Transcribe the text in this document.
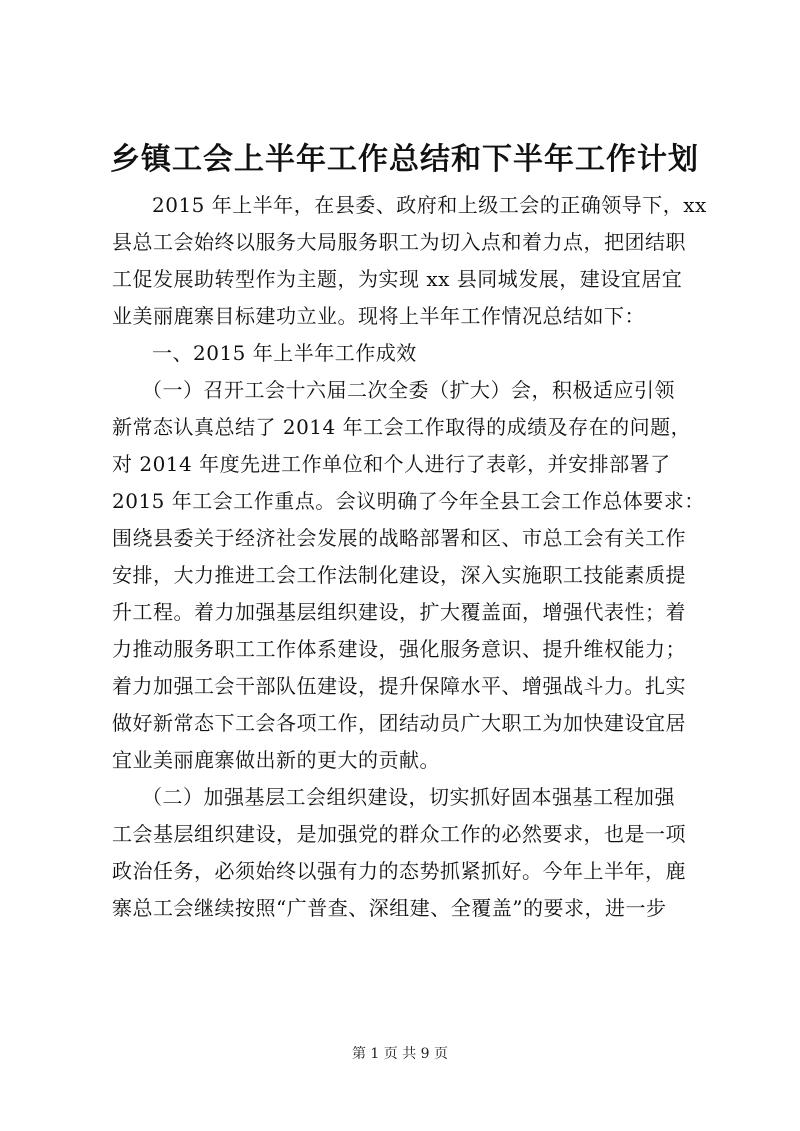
乡镇工会上半年工作总结和下半年工作计划
2015 年上半年，在县委、政府和上级工会的正确领导下，xx
县总工会始终以服务大局服务职工为切入点和着力点，把团结职
工促发展助转型作为主题，为实现 xx 县同城发展，建设宜居宜
业美丽鹿寨目标建功立业。现将上半年工作情况总结如下：
一、2015 年上半年工作成效
（一）召开工会十六届二次全委（扩大）会，积极适应引领
新常态认真总结了 2014 年工会工作取得的成绩及存在的问题，
对 2014 年度先进工作单位和个人进行了表彰，并安排部署了
2015 年工会工作重点。会议明确了今年全县工会工作总体要求：
围绕县委关于经济社会发展的战略部署和区、市总工会有关工作
安排，大力推进工会工作法制化建设，深入实施职工技能素质提
升工程。着力加强基层组织建设，扩大覆盖面，增强代表性；着
力推动服务职工工作体系建设，强化服务意识、提升维权能力；
着力加强工会干部队伍建设，提升保障水平、增强战斗力。扎实
做好新常态下工会各项工作，团结动员广大职工为加快建设宜居
宜业美丽鹿寨做出新的更大的贡献。
（二）加强基层工会组织建设，切实抓好固本强基工程加强
工会基层组织建设，是加强党的群众工作的必然要求，也是一项
政治任务，必须始终以强有力的态势抓紧抓好。今年上半年，鹿
寨总工会继续按照“广普查、深组建、全覆盖”的要求，进一步
第 1 页 共 9 页
